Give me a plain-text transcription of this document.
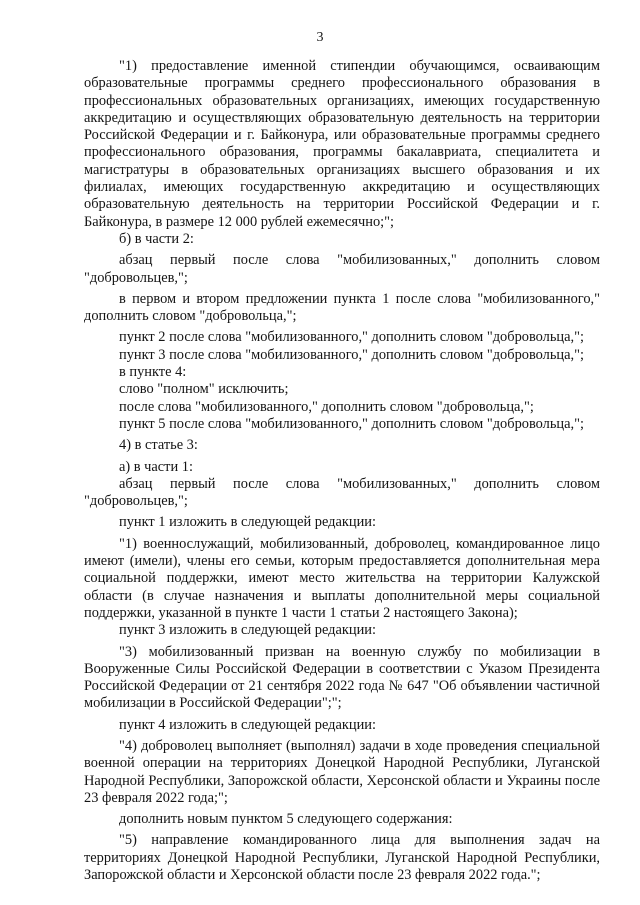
3

"1) предоставление именной стипендии обучающимся, осваивающим образовательные программы среднего профессионального образования в профессиональных образовательных организациях, имеющих государственную аккредитацию и осуществляющих образовательную деятельность на территории Российской Федерации и г. Байконура, или образовательные программы среднего профессионального образования, программы бакалавриата, специалитета и магистратуры в образовательных организациях высшего образования и их филиалах, имеющих государственную аккредитацию и осуществляющих образовательную деятельность на территории Российской Федерации и г. Байконура, в размере 12 000 рублей ежемесячно;";

б) в части 2:

абзац первый после слова "мобилизованных," дополнить словом "добровольцев,";

в первом и втором предложении пункта 1 после слова "мобилизованного," дополнить словом "добровольца,";

пункт 2 после слова "мобилизованного," дополнить словом "добровольца,";

пункт 3 после слова "мобилизованного," дополнить словом "добровольца,";

в пункте 4:

слово "полном" исключить;

после слова "мобилизованного," дополнить словом "добровольца,";

пункт 5 после слова "мобилизованного," дополнить словом "добровольца,";

4) в статье 3:

а) в части 1:

абзац первый после слова "мобилизованных," дополнить словом "добровольцев,";

пункт 1 изложить в следующей редакции:

"1) военнослужащий, мобилизованный, доброволец, командированное лицо имеют (имели), члены его семьи, которым предоставляется дополнительная мера социальной поддержки, имеют место жительства на территории Калужской области (в случае назначения и выплаты дополнительной меры социальной поддержки, указанной в пункте 1 части 1 статьи 2 настоящего Закона);

пункт 3 изложить в следующей редакции:

"3) мобилизованный призван на военную службу по мобилизации в Вооруженные Силы Российской Федерации в соответствии с Указом Президента Российской Федерации от 21 сентября 2022 года № 647 "Об объявлении частичной мобилизации в Российской Федерации";";

пункт 4 изложить в следующей редакции:

"4) доброволец выполняет (выполнял) задачи в ходе проведения специальной военной операции на территориях Донецкой Народной Республики, Луганской Народной Республики, Запорожской области, Херсонской области и Украины после 23 февраля 2022 года;";

дополнить новым пунктом 5 следующего содержания:

"5) направление командированного лица для выполнения задач на территориях Донецкой Народной Республики, Луганской Народной Республики, Запорожской области и Херсонской области после 23 февраля 2022 года.";
